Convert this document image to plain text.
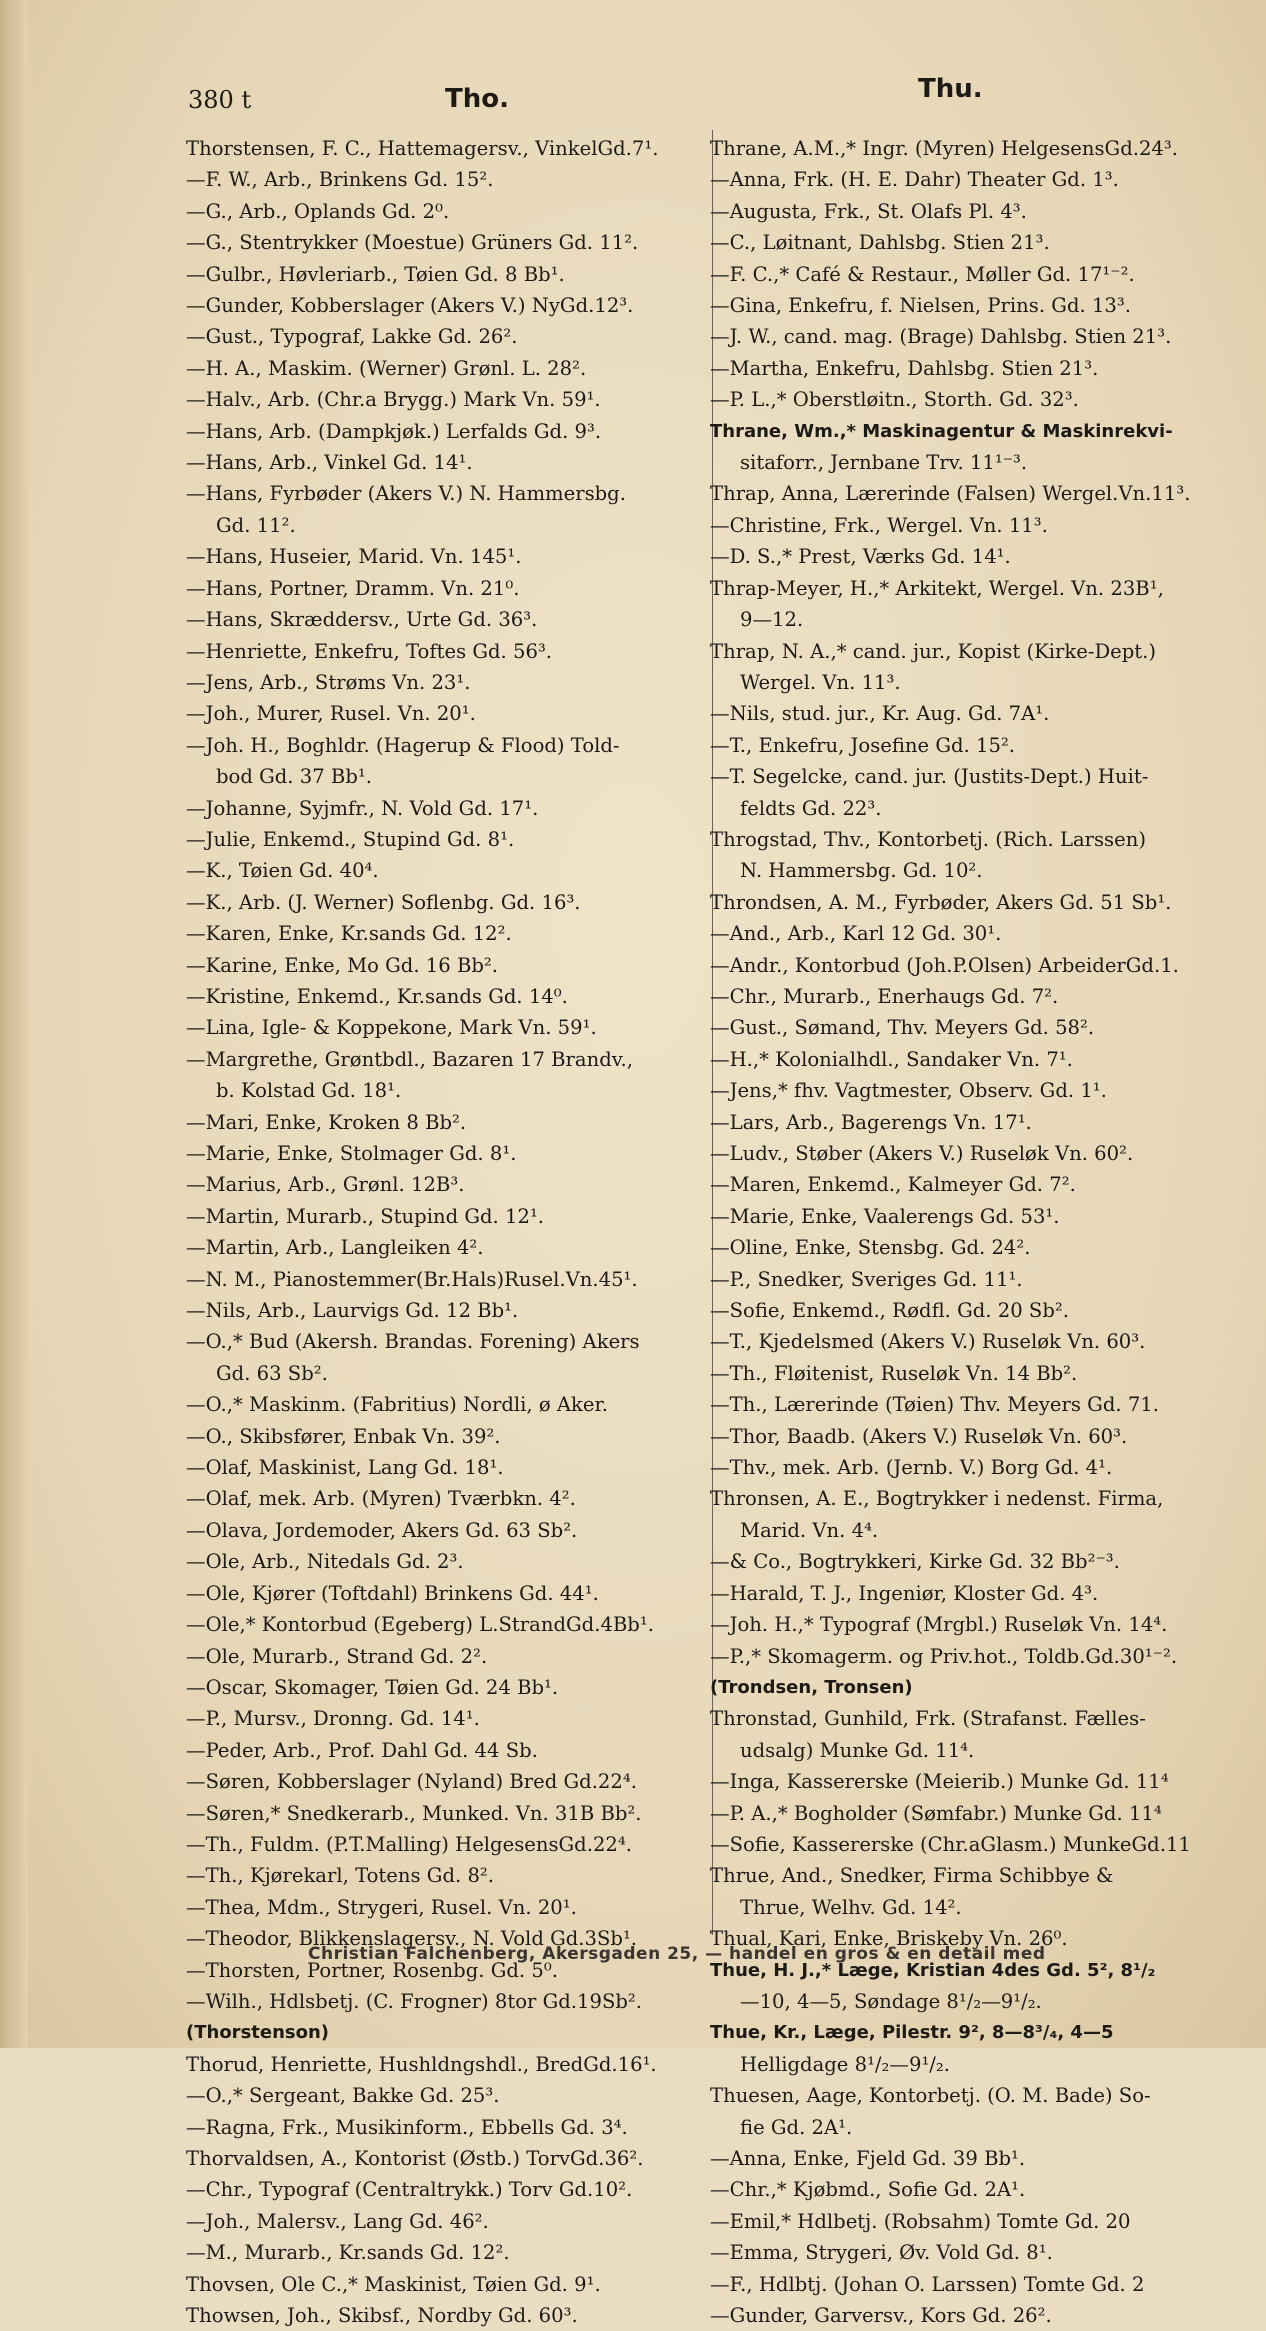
380 t	Tho.	Thu.
Thorstensen, F. C., Hattemagersv., VinkelGd.7¹.
—F. W., Arb., Brinkens Gd. 15².
—G., Arb., Oplands Gd. 2⁰.
—G., Stentrykker (Moestue) Grüners Gd. 11².
—Gulbr., Høvleriarb., Tøien Gd. 8 Bb¹.
—Gunder, Kobberslager (Akers V.) NyGd.12³.
—Gust., Typograf, Lakke Gd. 26².
—H. A., Maskim. (Werner) Grønl. L. 28².
—Halv., Arb. (Chr.a Brygg.) Mark Vn. 59¹.
—Hans, Arb. (Dampkjøk.) Lerfalds Gd. 9³.
—Hans, Arb., Vinkel Gd. 14¹.
—Hans, Fyrbøder (Akers V.) N. Hammersbg.
Gd. 11².
—Hans, Huseier, Marid. Vn. 145¹.
—Hans, Portner, Dramm. Vn. 21⁰.
—Hans, Skræddersv., Urte Gd. 36³.
—Henriette, Enkefru, Toftes Gd. 56³.
—Jens, Arb., Strøms Vn. 23¹.
—Joh., Murer, Rusel. Vn. 20¹.
—Joh. H., Boghldr. (Hagerup & Flood) Told-
bod Gd. 37 Bb¹.
—Johanne, Syjmfr., N. Vold Gd. 17¹.
—Julie, Enkemd., Stupind Gd. 8¹.
—K., Tøien Gd. 40⁴.
—K., Arb. (J. Werner) Soflenbg. Gd. 16³.
—Karen, Enke, Kr.sands Gd. 12².
—Karine, Enke, Mo Gd. 16 Bb².
—Kristine, Enkemd., Kr.sands Gd. 14⁰.
—Lina, Igle- & Koppekone, Mark Vn. 59¹.
—Margrethe, Grøntbdl., Bazaren 17 Brandv.,
b. Kolstad Gd. 18¹.
—Mari, Enke, Kroken 8 Bb².
—Marie, Enke, Stolmager Gd. 8¹.
—Marius, Arb., Grønl. 12B³.
—Martin, Murarb., Stupind Gd. 12¹.
—Martin, Arb., Langleiken 4².
—N. M., Pianostemmer(Br.Hals)Rusel.Vn.45¹.
—Nils, Arb., Laurvigs Gd. 12 Bb¹.
—O.,* Bud (Akersh. Brandas. Forening) Akers
Gd. 63 Sb².
—O.,* Maskinm. (Fabritius) Nordli, ø Aker.
—O., Skibsfører, Enbak Vn. 39².
—Olaf, Maskinist, Lang Gd. 18¹.
—Olaf, mek. Arb. (Myren) Tværbkn. 4².
—Olava, Jordemoder, Akers Gd. 63 Sb².
—Ole, Arb., Nitedals Gd. 2³.
—Ole, Kjører (Toftdahl) Brinkens Gd. 44¹.
—Ole,* Kontorbud (Egeberg) L.StrandGd.4Bb¹.
—Ole, Murarb., Strand Gd. 2².
—Oscar, Skomager, Tøien Gd. 24 Bb¹.
—P., Mursv., Dronng. Gd. 14¹.
—Peder, Arb., Prof. Dahl Gd. 44 Sb.
—Søren, Kobberslager (Nyland) Bred Gd.22⁴.
—Søren,* Snedkerarb., Munked. Vn. 31B Bb².
—Th., Fuldm. (P.T.Malling) HelgesensGd.22⁴.
—Th., Kjørekarl, Totens Gd. 8².
—Thea, Mdm., Strygeri, Rusel. Vn. 20¹.
—Theodor, Blikkenslagersv., N. Vold Gd.3Sb¹.
—Thorsten, Portner, Rosenbg. Gd. 5⁰.
—Wilh., Hdlsbetj. (C. Frogner) 8tor Gd.19Sb².
(Thorstenson)
Thorud, Henriette, Hushldngshdl., BredGd.16¹.
—O.,* Sergeant, Bakke Gd. 25³.
—Ragna, Frk., Musikinform., Ebbells Gd. 3⁴.
Thorvaldsen, A., Kontorist (Østb.) TorvGd.36².
—Chr., Typograf (Centraltrykk.) Torv Gd.10².
—Joh., Malersv., Lang Gd. 46².
—M., Murarb., Kr.sands Gd. 12².
Thovsen, Ole C.,* Maskinist, Tøien Gd. 9¹.
Thowsen, Joh., Skibsf., Nordby Gd. 60³.
Thrane, A.M.,* Ingr. (Myren) HelgesensGd.24³.
—Anna, Frk. (H. E. Dahr) Theater Gd. 1³.
—Augusta, Frk., St. Olafs Pl. 4³.
—C., Løitnant, Dahlsbg. Stien 21³.
—F. C.,* Café & Restaur., Møller Gd. 17¹⁻².
—Gina, Enkefru, f. Nielsen, Prins. Gd. 13³.
—J. W., cand. mag. (Brage) Dahlsbg. Stien 21³.
—Martha, Enkefru, Dahlsbg. Stien 21³.
—P. L.,* Oberstløitn., Storth. Gd. 32³.
Thrane, Wm.,* Maskinagentur & Maskinrekvi-
sitaforr., Jernbane Trv. 11¹⁻³.
Thrap, Anna, Lærerinde (Falsen) Wergel.Vn.11³.
—Christine, Frk., Wergel. Vn. 11³.
—D. S.,* Prest, Værks Gd. 14¹.
Thrap-Meyer, H.,* Arkitekt, Wergel. Vn. 23B¹,
9—12.
Thrap, N. A.,* cand. jur., Kopist (Kirke-Dept.)
Wergel. Vn. 11³.
—Nils, stud. jur., Kr. Aug. Gd. 7A¹.
—T., Enkefru, Josefine Gd. 15².
—T. Segelcke, cand. jur. (Justits-Dept.) Huit-
feldts Gd. 22³.
Throgstad, Thv., Kontorbetj. (Rich. Larssen)
N. Hammersbg. Gd. 10².
Throndsen, A. M., Fyrbøder, Akers Gd. 51 Sb¹.
—And., Arb., Karl 12 Gd. 30¹.
—Andr., Kontorbud (Joh.P.Olsen) ArbeiderGd.1.
—Chr., Murarb., Enerhaugs Gd. 7².
—Gust., Sømand, Thv. Meyers Gd. 58².
—H.,* Kolonialhdl., Sandaker Vn. 7¹.
—Jens,* fhv. Vagtmester, Observ. Gd. 1¹.
—Lars, Arb., Bagerengs Vn. 17¹.
—Ludv., Støber (Akers V.) Ruseløk Vn. 60².
—Maren, Enkemd., Kalmeyer Gd. 7².
—Marie, Enke, Vaalerengs Gd. 53¹.
—Oline, Enke, Stensbg. Gd. 24².
—P., Snedker, Sveriges Gd. 11¹.
—Sofie, Enkemd., Rødfl. Gd. 20 Sb².
—T., Kjedelsmed (Akers V.) Ruseløk Vn. 60³.
—Th., Fløitenist, Ruseløk Vn. 14 Bb².
—Th., Lærerinde (Tøien) Thv. Meyers Gd. 71.
—Thor, Baadb. (Akers V.) Ruseløk Vn. 60³.
—Thv., mek. Arb. (Jernb. V.) Borg Gd. 4¹.
Thronsen, A. E., Bogtrykker i nedenst. Firma,
Marid. Vn. 4⁴.
—& Co., Bogtrykkeri, Kirke Gd. 32 Bb²⁻³.
—Harald, T. J., Ingeniør, Kloster Gd. 4³.
—Joh. H.,* Typograf (Mrgbl.) Ruseløk Vn. 14⁴.
—P.,* Skomagerm. og Priv.hot., Toldb.Gd.30¹⁻².
(Trondsen, Tronsen)
Thronstad, Gunhild, Frk. (Strafanst. Fælles-
udsalg) Munke Gd. 11⁴.
—Inga, Kassererske (Meierib.) Munke Gd. 11⁴
—P. A.,* Bogholder (Sømfabr.) Munke Gd. 11⁴
—Sofie, Kassererske (Chr.aGlasm.) MunkeGd.11
Thrue, And., Snedker, Firma Schibbye &
Thrue, Welhv. Gd. 14².
Thual, Kari, Enke, Briskeby Vn. 26⁰.
Thue, H. J.,* Læge, Kristian 4des Gd. 5², 8¹/₂
—10, 4—5, Søndage 8¹/₂—9¹/₂.
Thue, Kr., Læge, Pilestr. 9², 8—8³/₄, 4—5
Helligdage 8¹/₂—9¹/₂.
Thuesen, Aage, Kontorbetj. (O. M. Bade) So-
fie Gd. 2A¹.
—Anna, Enke, Fjeld Gd. 39 Bb¹.
—Chr.,* Kjøbmd., Sofie Gd. 2A¹.
—Emil,* Hdlbetj. (Robsahm) Tomte Gd. 20
—Emma, Strygeri, Øv. Vold Gd. 8¹.
—F., Hdlbtj. (Johan O. Larssen) Tomte Gd. 2
—Gunder, Garversv., Kors Gd. 26².
Christian Falchenberg, Akersgaden 25, — handel en gros & en detail med
